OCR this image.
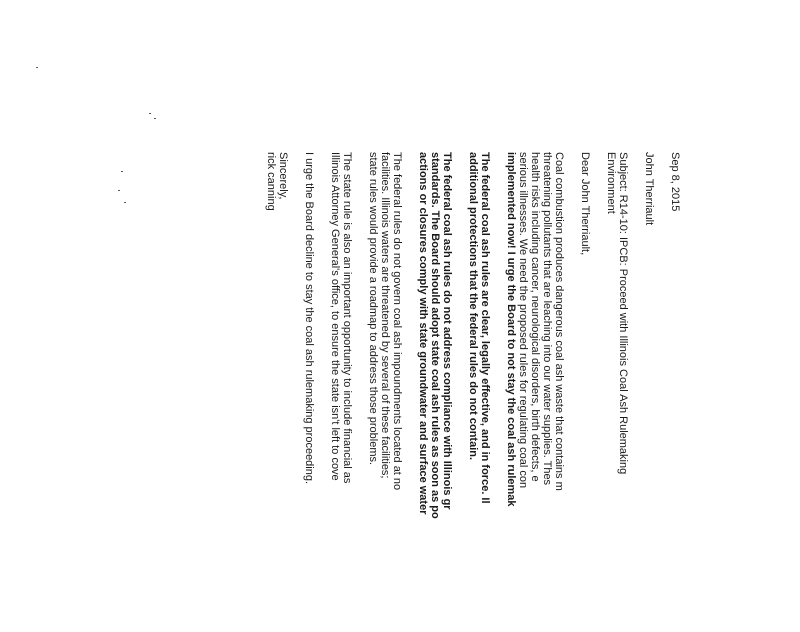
Sep 8, 2015
John Therriault
Subject: R14-10: IPCB: Proceed with Illinois Coal Ash Rulemaking
Environment
Dear John Therriault,
Coal combustion produces dangerous coal ash waste that contains m
threatening pollutants that are leaching into our water supplies. Thes
health risks including cancer, neurological disorders, birth defects, e
serious illnesses. We need the proposed rules for regulating coal con
implemented now! I urge the Board to not stay the coal ash rulemak
The federal coal ash rules are clear, legally effective, and in force. Il
additional protections that the federal rules do not contain.
The federal coal ash rules do not address compliance with Illinois gr
standards. The Board should adopt state coal ash rules as soon as po
actions or closures comply with state groundwater and surface water
The federal rules do not govern coal ash impoundments located at no
facilities. Illinois waters are threatened by several of these facilities;
state rules would provide a roadmap to address those problems.
The state rule is also an important opportunity to include financial as
Illinois Attorney General's office, to ensure the state isn't left to cove
I urge the Board decline to stay the coal ash rulemaking proceeding.
Sincerely,
rick canning
